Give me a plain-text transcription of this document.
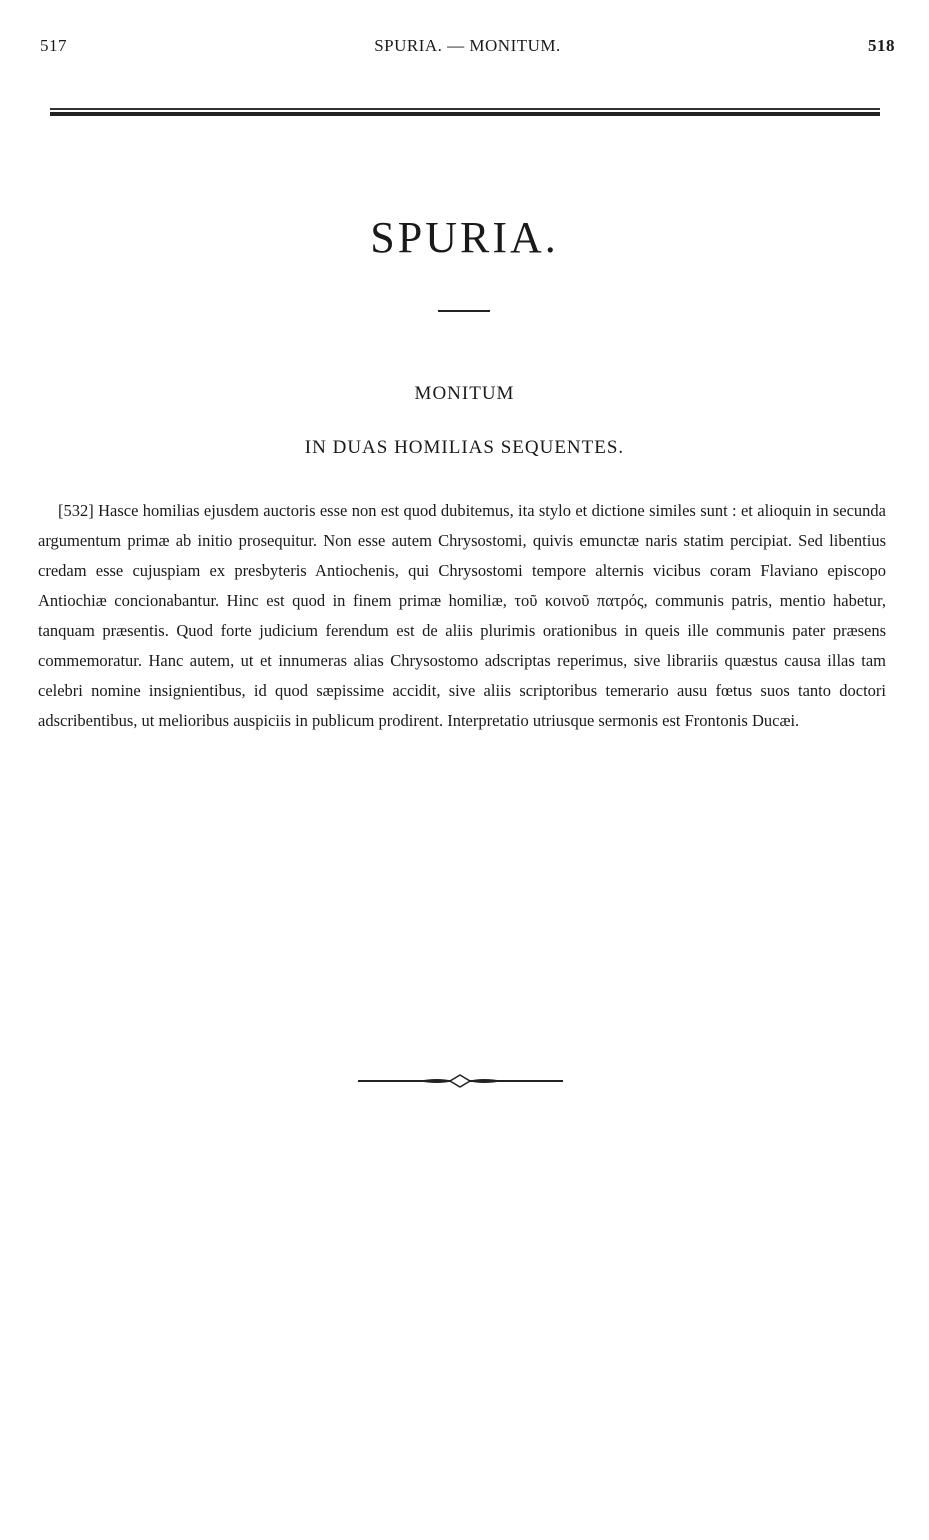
517	SPURIA. — MONITUM.	518
SPURIA.
MONITUM
IN DUAS HOMILIAS SEQUENTES.

[532] Hasce homilias ejusdem auctoris esse non est quod dubitemus, ita stylo et dictione similes sunt : et alioquin in secunda argumentum primæ ab initio prosequitur. Non esse autem Chrysostomi, quivis emunctæ naris statim percipiat. Sed libentius credam esse cujuspiam ex presbyteris Antiochenis, qui Chrysostomi tempore alternis vicibus coram Flaviano episcopo Antiochiæ concionabantur. Hinc est quod in finem primæ homiliæ, τοῦ κοινοῦ πατρός, communis patris, mentio habetur, tanquam præsentis. Quod forte judicium ferendum est de aliis plurimis orationibus in queis ille communis pater præsens commemoratur. Hanc autem, ut et innumeras alias Chrysostomo adscriptas reperimus, sive librariis quæstus causa illas tam celebri nomine insignientibus, id quod sæpissime accidit, sive aliis scriptoribus temerario ausu fœtus suos tanto doctori adscribentibus, ut melioribus auspiciis in publicum prodirent. Interpretatio utriusque sermonis est Frontonis Ducæi.
